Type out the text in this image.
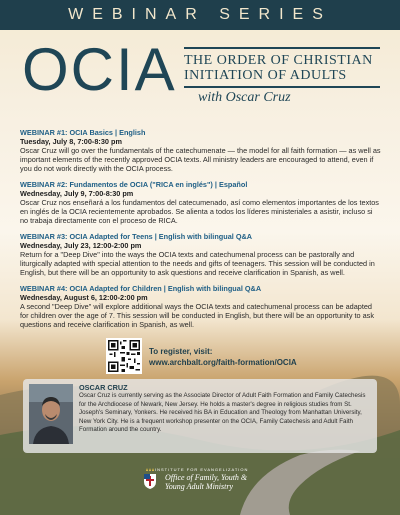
WEBINAR SERIES
OCIA THE ORDER OF CHRISTIAN INITIATION OF ADULTS
with Oscar Cruz
WEBINAR #1: OCIA Basics | English
Tuesday, July 8, 7:00-8:30 pm
Oscar Cruz will go over the fundamentals of the catechumenate — the model for all faith formation — as well as important elements of the recently approved OCIA texts. All ministry leaders are encouraged to attend, even if you do not work directly with the OCIA process.
WEBINAR #2: Fundamentos de OCIA ("RICA en inglés") | Español
Wednesday, July 9, 7:00-8:30 pm
Oscar Cruz nos enseñará a los fundamentos del catecumenado, así como elementos importantes de los textos en inglés de la OCIA recientemente aprobados. Se alienta a todos los líderes ministeriales a asistir, incluso si no trabaja directamente con el proceso de RICA.
WEBINAR #3: OCIA Adapted for Teens | English with bilingual Q&A
Wednesday, July 23, 12:00-2:00 pm
Return for a "Deep Dive" into the ways the OCIA texts and catechumenal process can be pastorally and liturgically adapted with special attention to the needs and gifts of teenagers. This session will be conducted in English, but there will be an opportunity to ask questions and receive clarification in Spanish, as well.
WEBINAR #4: OCIA Adapted for Children | English with bilingual Q&A
Wednesday, August 6, 12:00-2:00 pm
A second "Deep Dive" will explore additional ways the OCIA texts and catechumenal process can be adapted for children over the age of 7. This session will be conducted in English, but there will be an opportunity to ask questions and receive clarification in Spanish, as well.
To register, visit:
www.archbalt.org/faith-formation/OCIA
OSCAR CRUZ
Oscar Cruz is currently serving as the Associate Director of Adult Faith Formation and Family Catechesis for the Archdiocese of Newark, New Jersey. He holds a master's degree in religious studies from St. Joseph's Seminary, Yonkers. He received his BA in Education and Theology from Manhattan University, New York City. He is a frequent workshop presenter on the OCIA, Family Catechesis and Adult Faith Formation around the country.
INSTITUTE FOR EVANGELIZATION
Office of Family, Youth & Young Adult Ministry
